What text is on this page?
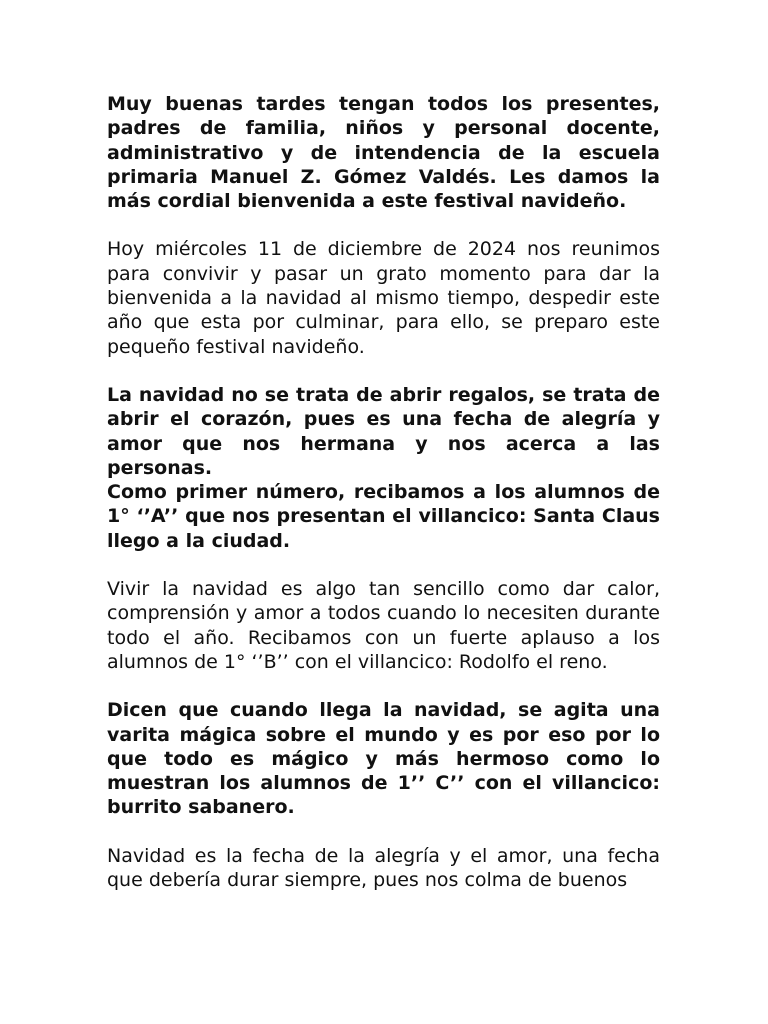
Muy buenas tardes tengan todos los presentes, padres de familia, niños y personal docente, administrativo y de intendencia de la escuela primaria Manuel Z. Gómez Valdés. Les damos la más cordial bienvenida a este festival navideño.

Hoy miércoles 11 de diciembre de 2024 nos reunimos para convivir y pasar un grato momento para dar la bienvenida a la navidad al mismo tiempo, despedir este año que esta por culminar, para ello, se preparo este pequeño festival navideño.

La navidad no se trata de abrir regalos, se trata de abrir el corazón, pues es una fecha de alegría y amor que nos hermana y nos acerca a las personas.

Como primer número, recibamos a los alumnos de 1° ‘’A’’ que nos presentan el villancico: Santa Claus llego a la ciudad.

Vivir la navidad es algo tan sencillo como dar calor, comprensión y amor a todos cuando lo necesiten durante todo el año. Recibamos con un fuerte aplauso a los alumnos de 1° ‘’B’’ con el villancico: Rodolfo el reno.

Dicen que cuando llega la navidad, se agita una varita mágica sobre el mundo y es por eso por lo que todo es mágico y más hermoso como lo muestran los alumnos de 1’’ C’’ con el villancico: burrito sabanero.

Navidad es la fecha de la alegría y el amor, una fecha que debería durar siempre, pues nos colma de buenos
